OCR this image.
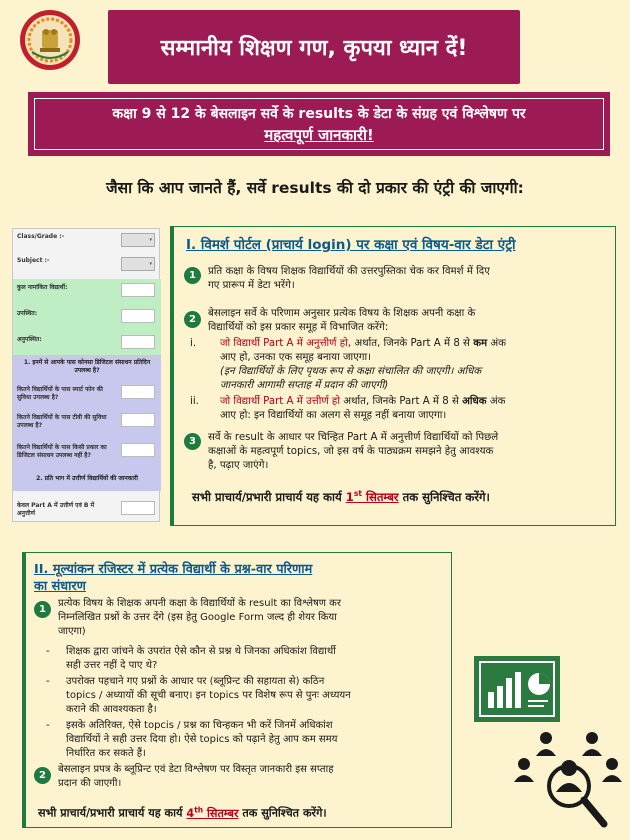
सम्मानीय शिक्षण गण, कृपया ध्यान दें!
कक्षा 9 से 12 के बेसलाइन सर्वे के results के डेटा के संग्रह एवं विश्लेषण पर
महत्वपूर्ण जानकारी!
जैसा कि आप जानते हैं, सर्वे results की दो प्रकार की एंट्री की जाएगी:
Class/Grade :-	▾
Subject :-	▾
कुल नामांकित विद्यार्थी:
उपस्थित:
अनुपस्थित:
1. इनमें से आपके पास कोनसा डिजिटल संसाधन प्रतिदिन उपलब्ध है?
कितने विद्यार्थियों के पास स्मार्ट फोन की सुविधा उपलब्ध है?
कितने विद्यार्थियों के पास टीवी की सुविधा उपलब्ध है?
कितने विद्यार्थियों के पास किसी प्रकार का डिजिटल संसाधन उपलब्ध नहीं है?
2. प्रति भाग में उत्तीर्ण विद्यार्थियों की जानकारी
केवल Part A में उत्तीर्ण एवं B में अनुत्तीर्ण
I. विमर्श पोर्टल (प्राचार्य login) पर कक्षा एवं विषय-वार डेटा एंट्री
1	प्रति कक्षा के विषय शिक्षक विद्यार्थियों की उत्तरपुस्तिका चेक कर विमर्श में दिए
गए प्रारूप में डेटा भरेंगे।
2
बेसलाइन सर्वे के परिणाम अनुसार प्रत्येक विषय के शिक्षक अपनी कक्षा के
विद्यार्थियों को इस प्रकार समूह में विभाजित करेंगे:
i. जो विद्यार्थी Part A में अनुत्तीर्ण हो, अर्थात, जिनके Part A में 8 से कम अंक
आए हो, उनका एक समूह बनाया जाएगा।
(इन विद्यार्थियों के लिए पृथक रूप से कक्षा संचालित की जाएगी। अधिक
जानकारी आगामी सप्ताह में प्रदान की जाएगी)
ii. जो विद्यार्थी Part A में उत्तीर्ण हो अर्थात, जिनके Part A में 8 से अधिक अंक
आए हो: इन विद्यार्थियों का अलग से समूह नहीं बनाया जाएगा।
3	सर्वे के result के आधार पर चिन्हित Part A में अनुत्तीर्ण विद्यार्थियों को पिछले
कक्षाओं के महत्वपूर्ण topics, जो इस वर्ष के पाठ्यक्रम समझने हेतु आवश्यक
है, पढ़ाए जाएंगे।
सभी प्राचार्य/प्रभारी प्राचार्य यह कार्य 1st सितम्बर तक सुनिश्चित करेंगे।
II. मूल्यांकन रजिस्टर में प्रत्येक विद्यार्थी के प्रश्न-वार परिणाम
का संधारण
1
प्रत्येक विषय के शिक्षक अपनी कक्षा के विद्यार्थियों के result का विश्लेषण कर
निम्नलिखित प्रश्नों के उत्तर देंगे (इस हेतु Google Form जल्द ही शेयर किया
जाएगा)
- शिक्षक द्वारा जांचने के उपरांत ऐसे कौन से प्रश्न थे जिनका अधिकांश विद्यार्थी
सही उत्तर नहीं दे पाए थे?
- उपरोक्त पहचाने गए प्रश्नों के आधार पर (ब्लूप्रिन्ट की सहायता से) कठिन
topics / अध्यायों की सूची बनाए। इन topics पर विशेष रूप से पुनः अध्ययन
कराने की आवश्यकता है।
- इसके अतिरिक्त, ऐसे topcis / प्रश्न का चिन्हकन भी करें जिनमें अधिकांश
विद्यार्थियों ने सही उत्तर दिया हो। ऐसे topics को पढ़ाने हेतु आप कम समय
निर्धारित कर सकते हैं।
2
बेसलाइन प्रपत्र के ब्लूप्रिन्ट एवं डेटा विश्लेषण पर विस्तृत जानकारी इस सप्ताह
प्रदान की जाएगी।
सभी प्राचार्य/प्रभारी प्राचार्य यह कार्य 4th सितम्बर तक सुनिश्चित करेंगे।
